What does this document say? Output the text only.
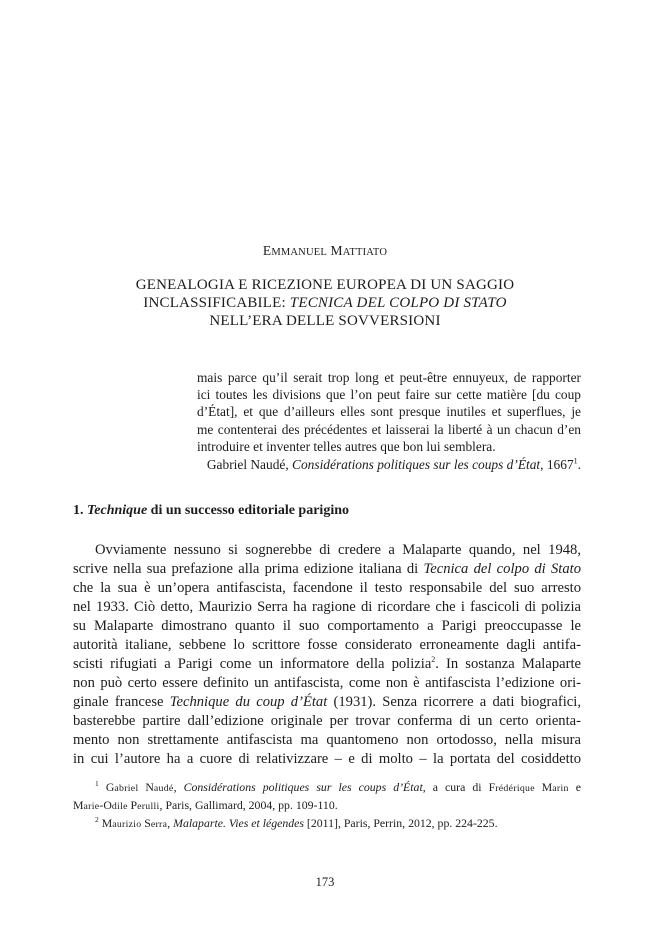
EMMANUEL MATTIATO
GENEALOGIA E RICEZIONE EUROPEA DI UN SAGGIO
INCLASSIFICABILE: TECNICA DEL COLPO DI STATO
NELL’ERA DELLE SOVVERSIONI
mais parce qu’il serait trop long et peut-être ennuyeux, de rapporter
ici toutes les divisions que l’on peut faire sur cette matière [du coup
d’État], et que d’ailleurs elles sont presque inutiles et superflues, je
me contenterai des précédentes et laisserai la liberté à un chacun d’en
introduire et inventer telles autres que bon lui semblera.
Gabriel Naudé, Considérations politiques sur les coups d’État, 1667$^1$.
1. Technique di un successo editoriale parigino
Ovviamente nessuno si sognerebbe di credere a Malaparte quando, nel 1948,
scrive nella sua prefazione alla prima edizione italiana di Tecnica del colpo di Stato
che la sua è un’opera antifascista, facendone il testo responsabile del suo arresto
nel 1933. Ciò detto, Maurizio Serra ha ragione di ricordare che i fascicoli di polizia
su Malaparte dimostrano quanto il suo comportamento a Parigi preoccupasse le
autorità italiane, sebbene lo scrittore fosse considerato erroneamente dagli antifa-
scisti rifugiati a Parigi come un informatore della polizia$^2$. In sostanza Malaparte
non può certo essere definito un antifascista, come non è antifascista l’edizione ori-
ginale francese Technique du coup d’État (1931). Senza ricorrere a dati biografici,
basterebbe partire dall’edizione originale per trovar conferma di un certo orienta-
mento non strettamente antifascista ma quantomeno non ortodosso, nella misura
in cui l’autore ha a cuore di relativizzare – e di molto – la portata del cosiddetto
$^1$ Gabriel Naudé, Considérations politiques sur les coups d’État, a cura di Frédérique Marin e
Marie-Odile Perulli, Paris, Gallimard, 2004, pp. 109-110.
$^2$ Maurizio Serra, Malaparte. Vies et légendes [2011], Paris, Perrin, 2012, pp. 224-225.
173
